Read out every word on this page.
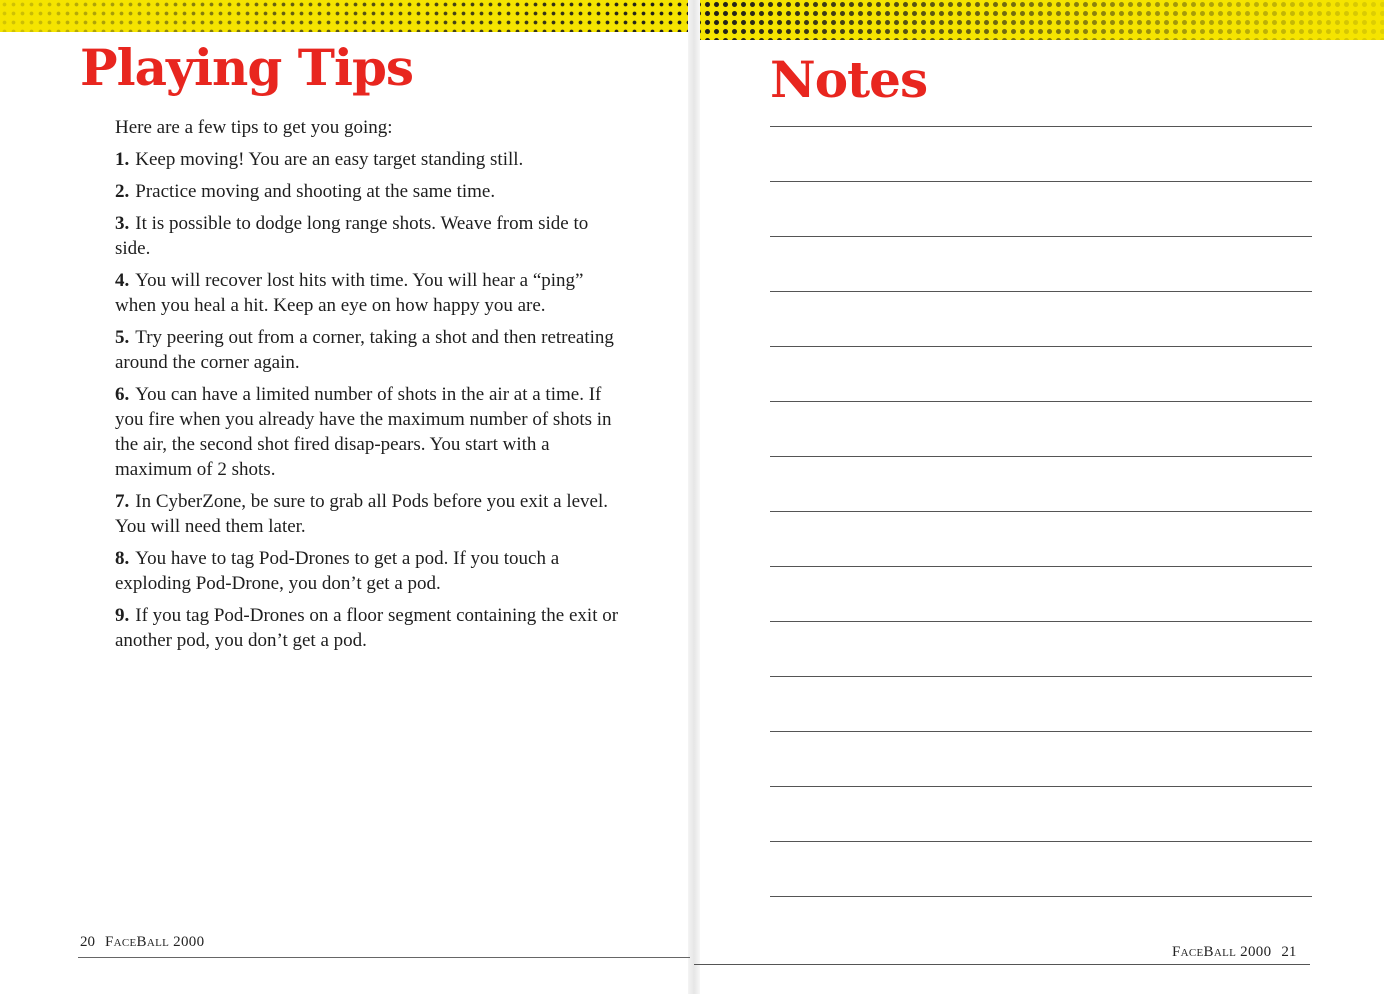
Playing Tips

Here are a few tips to get you going:

1. Keep moving! You are an easy target standing still.
2. Practice moving and shooting at the same time.
3. It is possible to dodge long range shots. Weave from side to side.
4. You will recover lost hits with time. You will hear a “ping” when you heal a hit. Keep an eye on how happy you are.
5. Try peering out from a corner, taking a shot and then retreating around the corner again.
6. You can have a limited number of shots in the air at a time. If you fire when you already have the maximum number of shots in the air, the second shot fired disap-pears. You start with a maximum of 2 shots.
7. In CyberZone, be sure to grab all Pods before you exit a level. You will need them later.
8. You have to tag Pod-Drones to get a pod. If you touch a exploding Pod-Drone, you don’t get a pod.
9. If you tag Pod-Drones on a floor segment containing the exit or another pod, you don’t get a pod.
20 FaceBall 2000
Notes
FaceBall 2000 21
